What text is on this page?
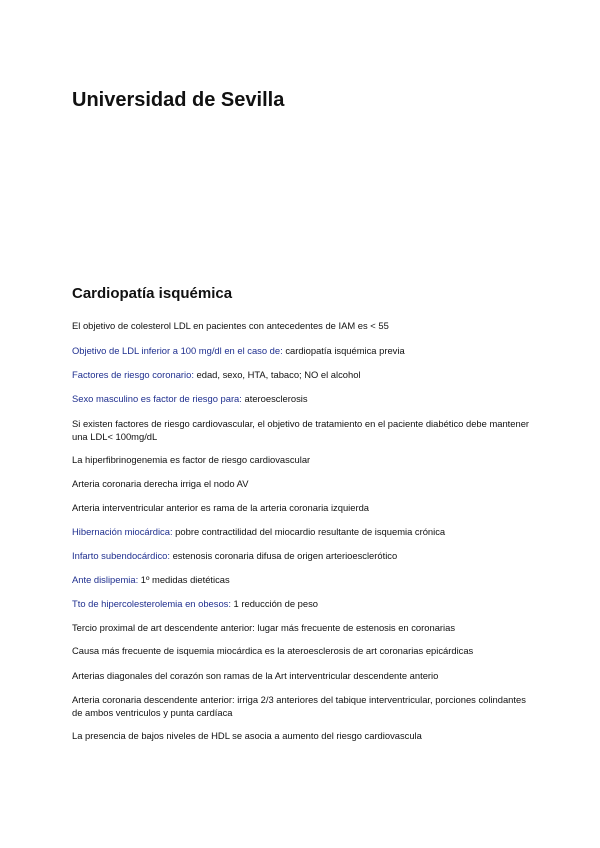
Universidad de Sevilla
Cardiopatía isquémica

El objetivo de colesterol LDL en pacientes con antecedentes de IAM es < 55

Objetivo de LDL inferior a 100 mg/dl en el caso de: cardiopatía isquémica previa

Factores de riesgo coronario: edad, sexo, HTA, tabaco; NO el alcohol

Sexo masculino es factor de riesgo para: ateroesclerosis

Si existen factores de riesgo cardiovascular, el objetivo de tratamiento en el paciente diabético debe mantener una LDL< 100mg/dL

La hiperfibrinogenemia es factor de riesgo cardiovascular

Arteria coronaria derecha irriga el nodo AV

Arteria interventricular anterior es rama de la arteria coronaria izquierda

Hibernación miocárdica: pobre contractilidad del miocardio resultante de isquemia crónica

Infarto subendocárdico: estenosis coronaria difusa de origen arterioesclerótico

Ante dislipemia: 1º medidas dietéticas

Tto de hipercolesterolemia en obesos: 1 reducción de peso

Tercio proximal de art descendente anterior: lugar más frecuente de estenosis en coronarias

Causa más frecuente de isquemia miocárdica es la ateroesclerosis de art coronarias epicárdicas

Arterias diagonales del corazón son ramas de la Art interventricular descendente anterio

Arteria coronaria descendente anterior: irriga 2/3 anteriores del tabique interventricular, porciones colindantes de ambos ventriculos y punta cardíaca

La presencia de bajos niveles de HDL se asocia a aumento del riesgo cardiovascula
